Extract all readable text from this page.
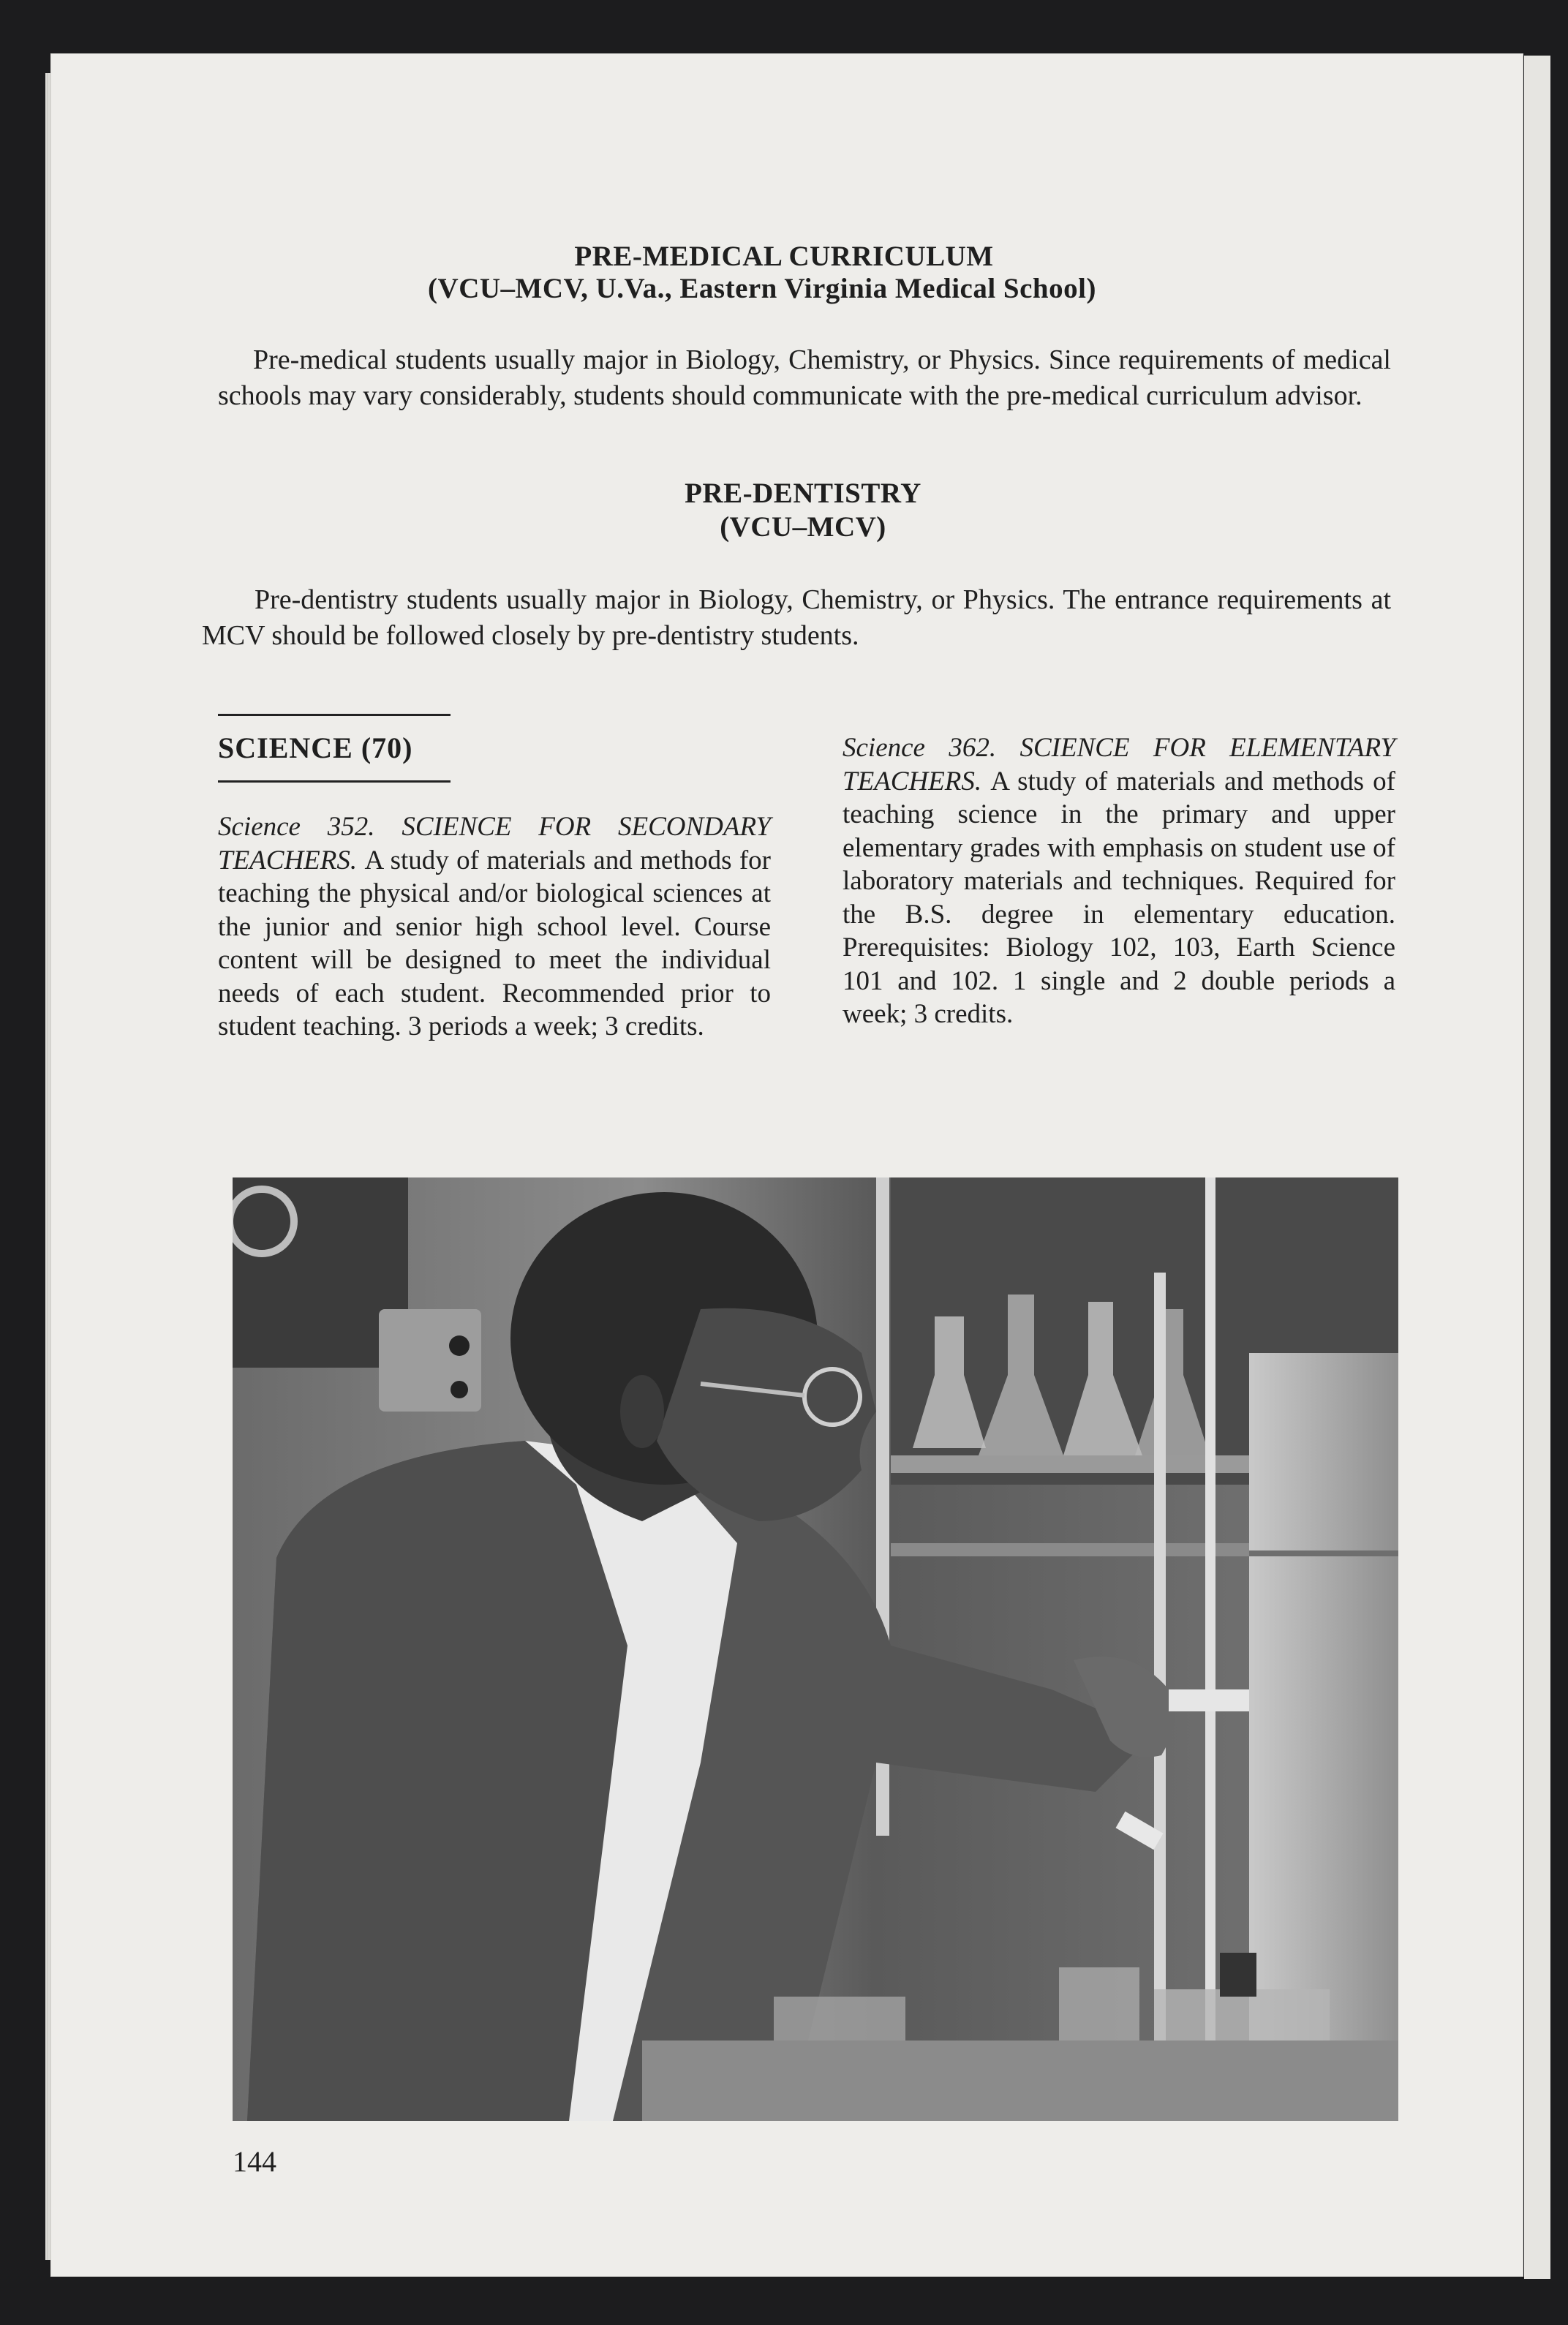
PRE-MEDICAL CURRICULUM
(VCU–MCV, U.Va., Eastern Virginia Medical School)
Pre-medical students usually major in Biology, Chemistry, or Physics. Since requirements of medical schools may vary considerably, students should communicate with the pre-medical curriculum advisor.
PRE-DENTISTRY
(VCU–MCV)
Pre-dentistry students usually major in Biology, Chemistry, or Physics. The entrance requirements at MCV should be followed closely by pre-dentistry students.
SCIENCE (70)
Science 352. SCIENCE FOR SECONDARY TEACHERS. A study of materials and methods for teaching the physical and/or biological sciences at the junior and senior high school level. Course content will be designed to meet the individual needs of each student. Recommended prior to student teaching. 3 periods a week; 3 credits.
Science 362. SCIENCE FOR ELEMENTARY TEACHERS. A study of materials and methods of teaching science in the primary and upper elementary grades with emphasis on student use of laboratory materials and techniques. Required for the B.S. degree in elementary education. Prerequisites: Biology 102, 103, Earth Science 101 and 102. 1 single and 2 double periods a week; 3 credits.
144
